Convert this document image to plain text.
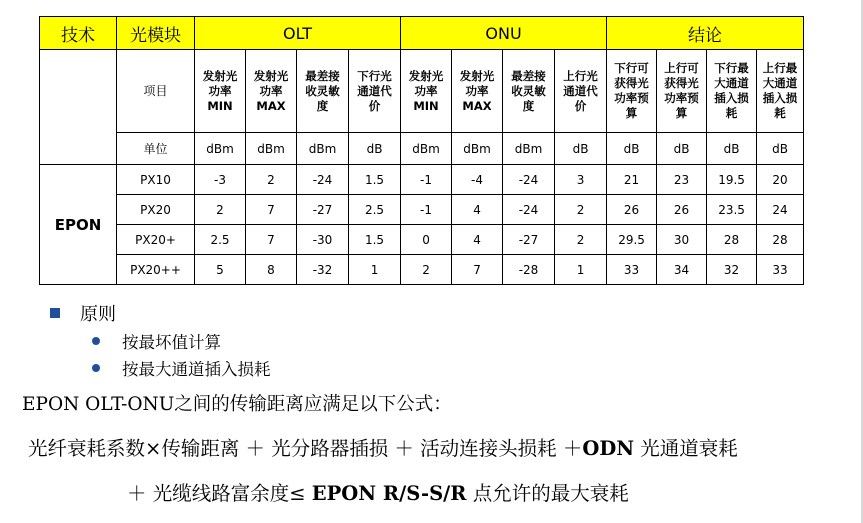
技术	光模块	OLT				ONU				结论			
	项目	发射光
功率
MIN	发射光
功率
MAX	最差接
收灵敏
度	下行光
通道代
价	发射光
功率
MIN	发射光
功率
MAX	最差接
收灵敏
度	上行光
通道代
价	下行可
获得光
功率预
算	上行可
获得光
功率预
算	下行最
大通道
插入损
耗	上行最
大通道
插入损
耗
	单位	dBm	dBm	dBm	dB	dBm	dBm	dBm	dB	dB	dB	dB	dB
EPON	PX10	-3	2	-24	1.5	-1	-4	-24	3	21	23	19.5	20
	PX20	2	7	-27	2.5	-1	4	-24	2	26	26	23.5	24
	PX20+	2.5	7	-30	1.5	0	4	-27	2	29.5	30	28	28
	PX20++	5	8	-32	1	2	7	-28	1	33	34	32	33
原则
按最坏值计算
按最大通道插入损耗
EPON OLT-ONU之间的传输距离应满足以下公式：
光纤衰耗系数×传输距离 ＋ 光分路器插损 ＋ 活动连接头损耗 ＋ODN 光通道衰耗
＋ 光缆线路富余度≤ EPON R/S-S/R 点允许的最大衰耗
